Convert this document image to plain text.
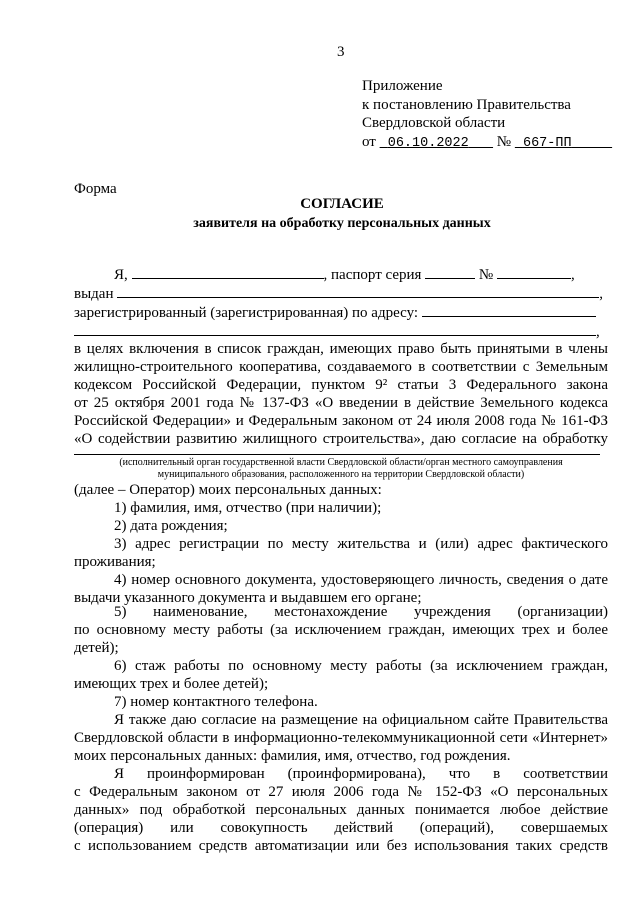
3
Приложение
к постановлению Правительства
Свердловской области
от 06.10.2022 № 667-ПП
Форма
СОГЛАСИЕ
заявителя на обработку персональных данных
Я,	, паспорт серия	№	,
выдан	,
зарегистрированный (зарегистрированная) по адресу:
,
в целях включения в список граждан, имеющих право быть принятыми в члены
жилищно-строительного кооператива, создаваемого в соответствии с Земельным
кодексом Российской Федерации, пунктом 9² статьи 3 Федерального закона
от 25 октября 2001 года № 137-ФЗ «О введении в действие Земельного кодекса
Российской Федерации» и Федеральным законом от 24 июля 2008 года № 161-ФЗ
«О содействии развитию жилищного строительства», даю согласие на обработку
(исполнительный орган государственной власти Свердловской области/орган местного самоуправления
муниципального образования, расположенного на территории Свердловской области)
(далее – Оператор) моих персональных данных:
1) фамилия, имя, отчество (при наличии);
2) дата рождения;
3) адрес регистрации по месту жительства и (или) адрес фактического
проживания;
4) номер основного документа, удостоверяющего личность, сведения о дате
выдачи указанного документа и выдавшем его органе;
5) наименование, местонахождение учреждения (организации)
по основному месту работы (за исключением граждан, имеющих трех и более
детей);
6) стаж работы по основному месту работы (за исключением граждан,
имеющих трех и более детей);
7) номер контактного телефона.
Я также даю согласие на размещение на официальном сайте Правительства
Свердловской области в информационно-телекоммуникационной сети «Интернет»
моих персональных данных: фамилия, имя, отчество, год рождения.
Я проинформирован (проинформирована), что в соответствии
с Федеральным законом от 27 июля 2006 года № 152-ФЗ «О персональных
данных» под обработкой персональных данных понимается любое действие
(операция) или совокупность действий (операций), совершаемых
с использованием средств автоматизации или без использования таких средств
